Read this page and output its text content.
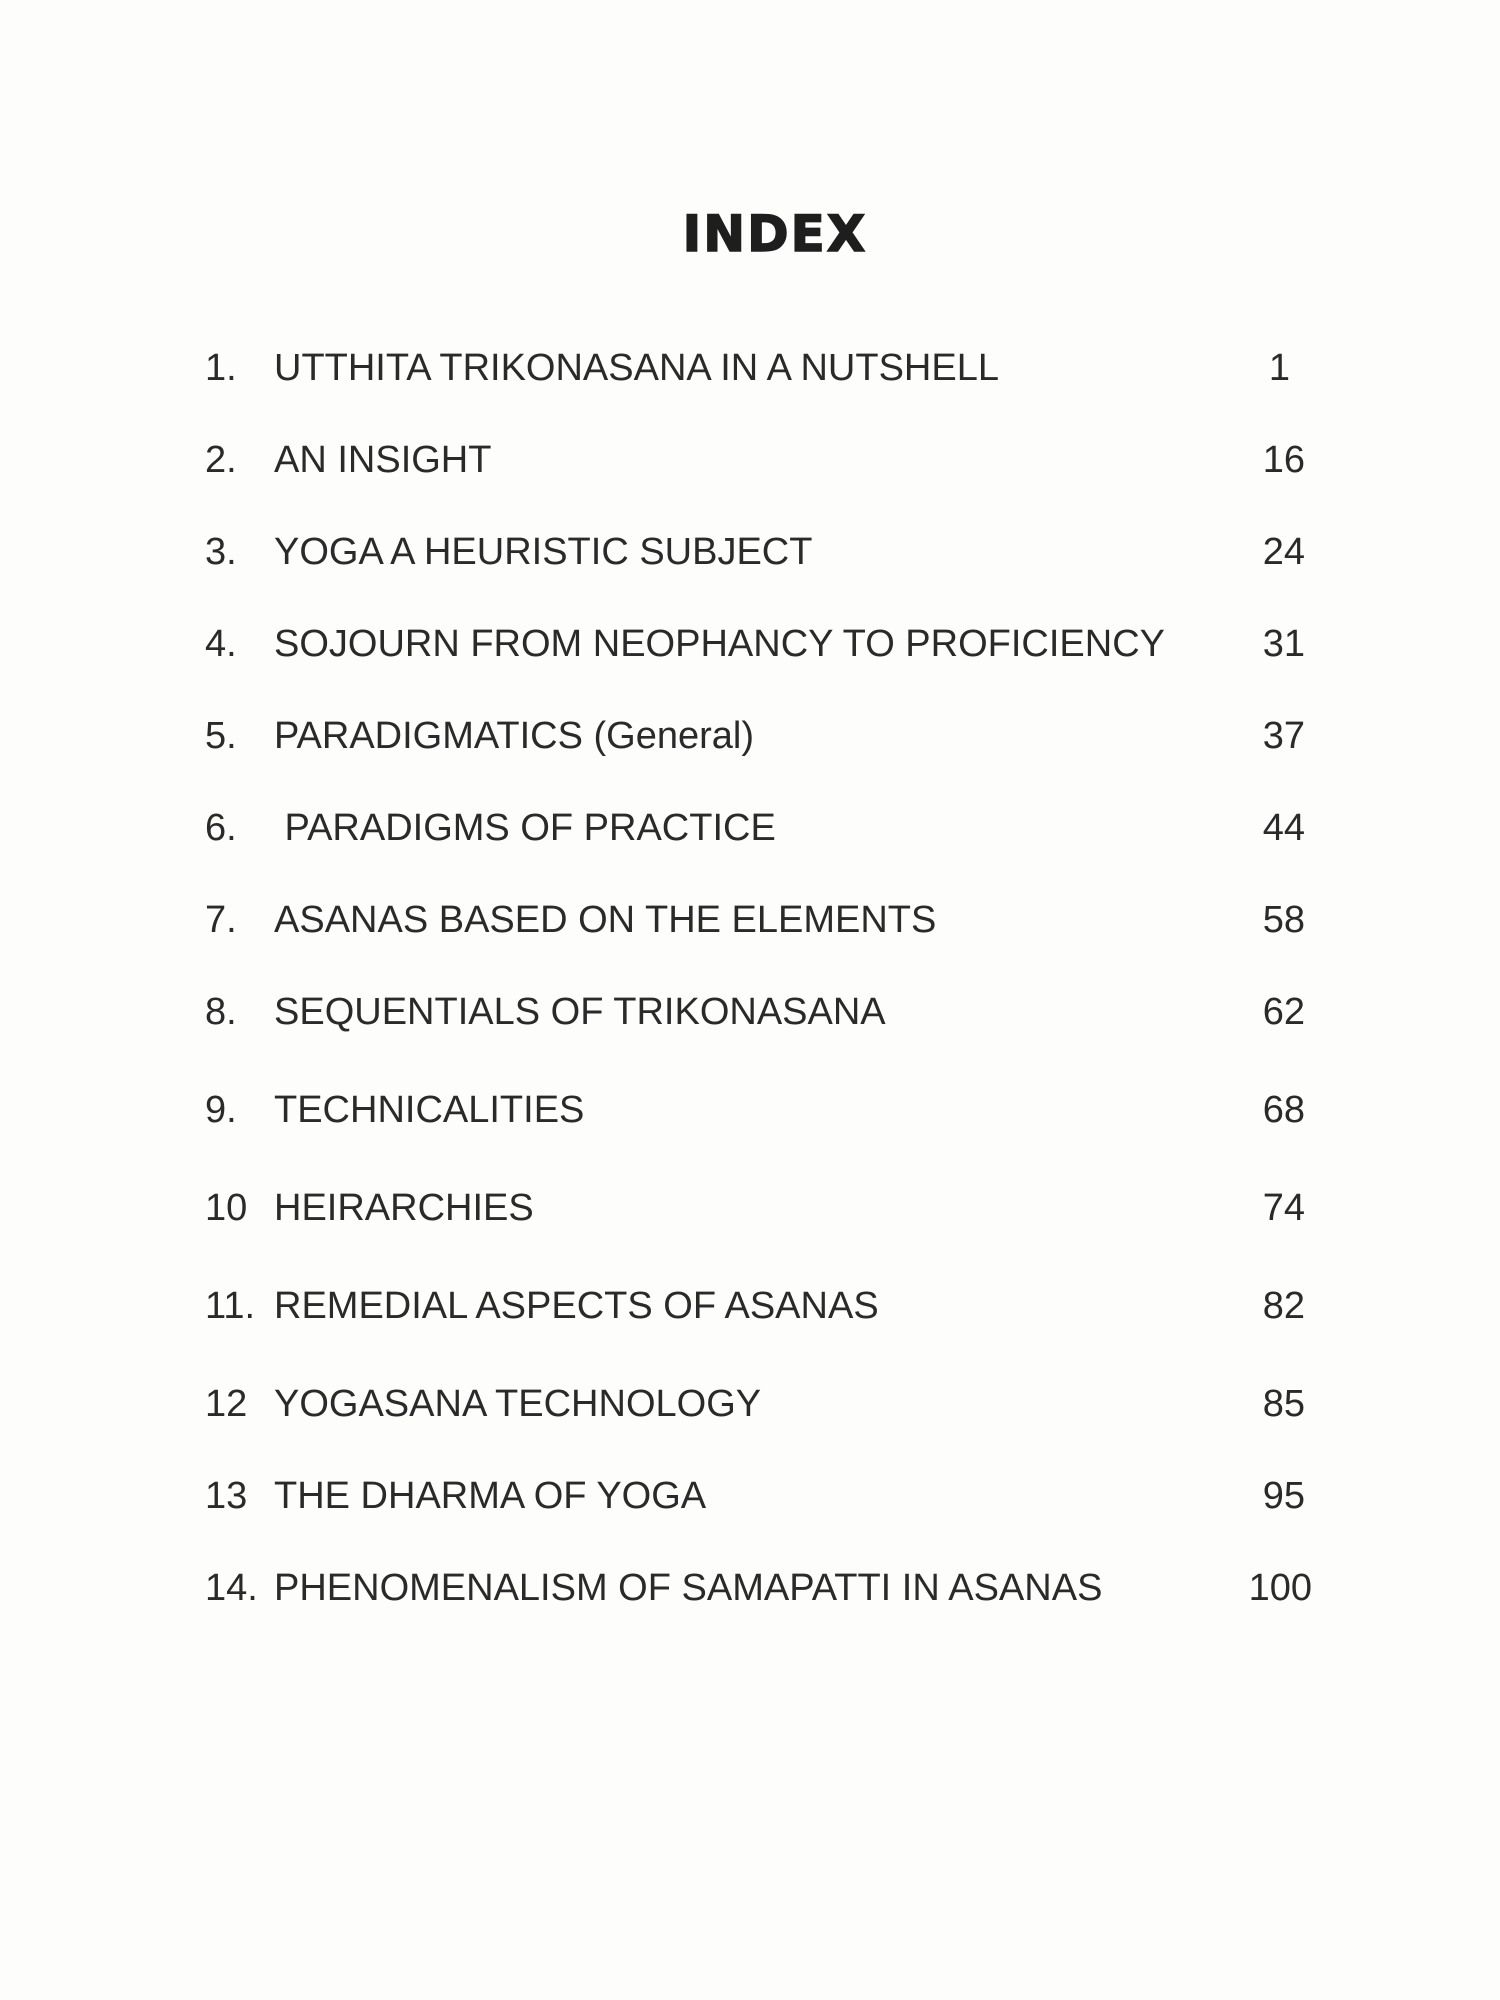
INDEX
1. UTTHITA TRIKONASANA IN A NUTSHELL	1
2. AN INSIGHT	16
3. YOGA A HEURISTIC SUBJECT	24
4. SOJOURN FROM NEOPHANCY TO PROFICIENCY	31
5. PARADIGMATICS (General)	37
6. PARADIGMS OF PRACTICE	44
7. ASANAS BASED ON THE ELEMENTS	58
8. SEQUENTIALS OF TRIKONASANA	62
9. TECHNICALITIES	68
10 HEIRARCHIES	74
11. REMEDIAL ASPECTS OF ASANAS	82
12 YOGASANA TECHNOLOGY	85
13 THE DHARMA OF YOGA	95
14. PHENOMENALISM OF SAMAPATTI IN ASANAS	100
